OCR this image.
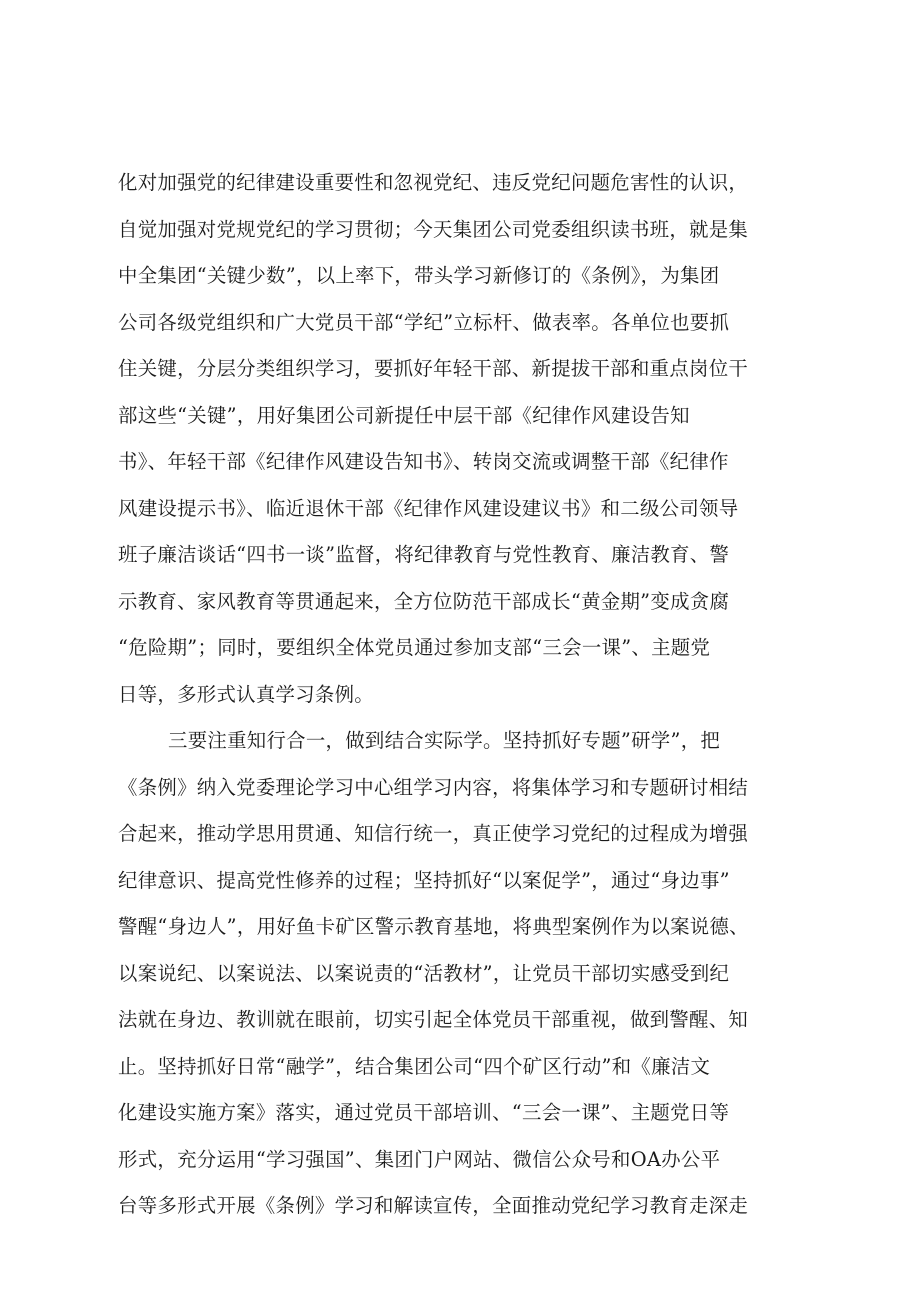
化对加强党的纪律建设重要性和忽视党纪、违反党纪问题危害性的认识，
自觉加强对党规党纪的学习贯彻；今天集团公司党委组织读书班，就是集
中全集团“关键少数”，以上率下，带头学习新修订的《条例》，为集团
公司各级党组织和广大党员干部“学纪”立标杆、做表率。各单位也要抓
住关键，分层分类组织学习，要抓好年轻干部、新提拔干部和重点岗位干
部这些“关键”，用好集团公司新提任中层干部《纪律作风建设告知
书》、年轻干部《纪律作风建设告知书》、转岗交流或调整干部《纪律作
风建设提示书》、临近退休干部《纪律作风建设建议书》和二级公司领导
班子廉洁谈话“四书一谈”监督，将纪律教育与党性教育、廉洁教育、警
示教育、家风教育等贯通起来，全方位防范干部成长“黄金期”变成贪腐
“危险期”；同时，要组织全体党员通过参加支部“三会一课”、主题党
日等，多形式认真学习条例。
三要注重知行合一，做到结合实际学。坚持抓好专题”研学”，把
《条例》纳入党委理论学习中心组学习内容，将集体学习和专题研讨相结
合起来，推动学思用贯通、知信行统一，真正使学习党纪的过程成为增强
纪律意识、提高党性修养的过程；坚持抓好“以案促学”，通过“身边事”
警醒“身边人”，用好鱼卡矿区警示教育基地，将典型案例作为以案说德、
以案说纪、以案说法、以案说责的“活教材”，让党员干部切实感受到纪
法就在身边、教训就在眼前，切实引起全体党员干部重视，做到警醒、知
止。坚持抓好日常“融学”，结合集团公司“四个矿区行动”和《廉洁文
化建设实施方案》落实，通过党员干部培训、“三会一课”、主题党日等
形式，充分运用“学习强国”、集团门户网站、微信公众号和OA办公平
台等多形式开展《条例》学习和解读宣传，全面推动党纪学习教育走深走
